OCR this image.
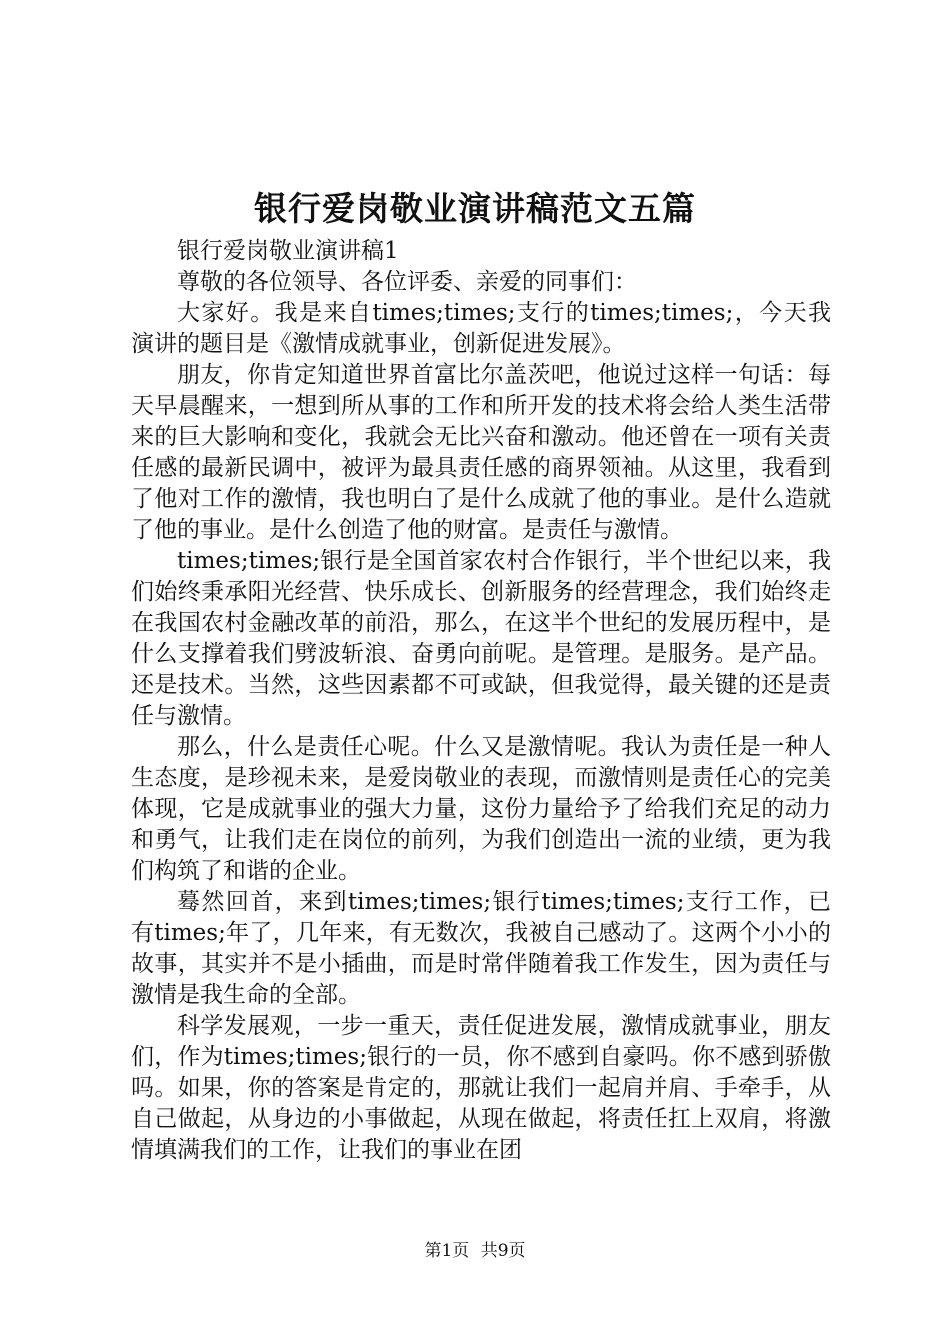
银行爱岗敬业演讲稿范文五篇

银行爱岗敬业演讲稿1

尊敬的各位领导、各位评委、亲爱的同事们：

大家好。我是来自times;times;支行的times;times;，今天我演讲的题目是《激情成就事业，创新促进发展》。

朋友，你肯定知道世界首富比尔盖茨吧，他说过这样一句话：每天早晨醒来，一想到所从事的工作和所开发的技术将会给人类生活带来的巨大影响和变化，我就会无比兴奋和激动。他还曾在一项有关责任感的最新民调中，被评为最具责任感的商界领袖。从这里，我看到了他对工作的激情，我也明白了是什么成就了他的事业。是什么造就了他的事业。是什么创造了他的财富。是责任与激情。

times;times;银行是全国首家农村合作银行，半个世纪以来，我们始终秉承阳光经营、快乐成长、创新服务的经营理念，我们始终走在我国农村金融改革的前沿，那么，在这半个世纪的发展历程中，是什么支撑着我们劈波斩浪、奋勇向前呢。是管理。是服务。是产品。还是技术。当然，这些因素都不可或缺，但我觉得，最关键的还是责任与激情。

那么，什么是责任心呢。什么又是激情呢。我认为责任是一种人生态度，是珍视未来，是爱岗敬业的表现，而激情则是责任心的完美体现，它是成就事业的强大力量，这份力量给予了给我们充足的动力和勇气，让我们走在岗位的前列，为我们创造出一流的业绩，更为我们构筑了和谐的企业。

蓦然回首，来到times;times;银行times;times;支行工作，已有times;年了，几年来，有无数次，我被自己感动了。这两个小小的故事，其实并不是小插曲，而是时常伴随着我工作发生，因为责任与激情是我生命的全部。

科学发展观，一步一重天，责任促进发展，激情成就事业，朋友们，作为times;times;银行的一员，你不感到自豪吗。你不感到骄傲吗。如果，你的答案是肯定的，那就让我们一起肩并肩、手牵手，从自己做起，从身边的小事做起，从现在做起，将责任扛上双肩，将激情填满我们的工作，让我们的事业在团

第1页 共9页
